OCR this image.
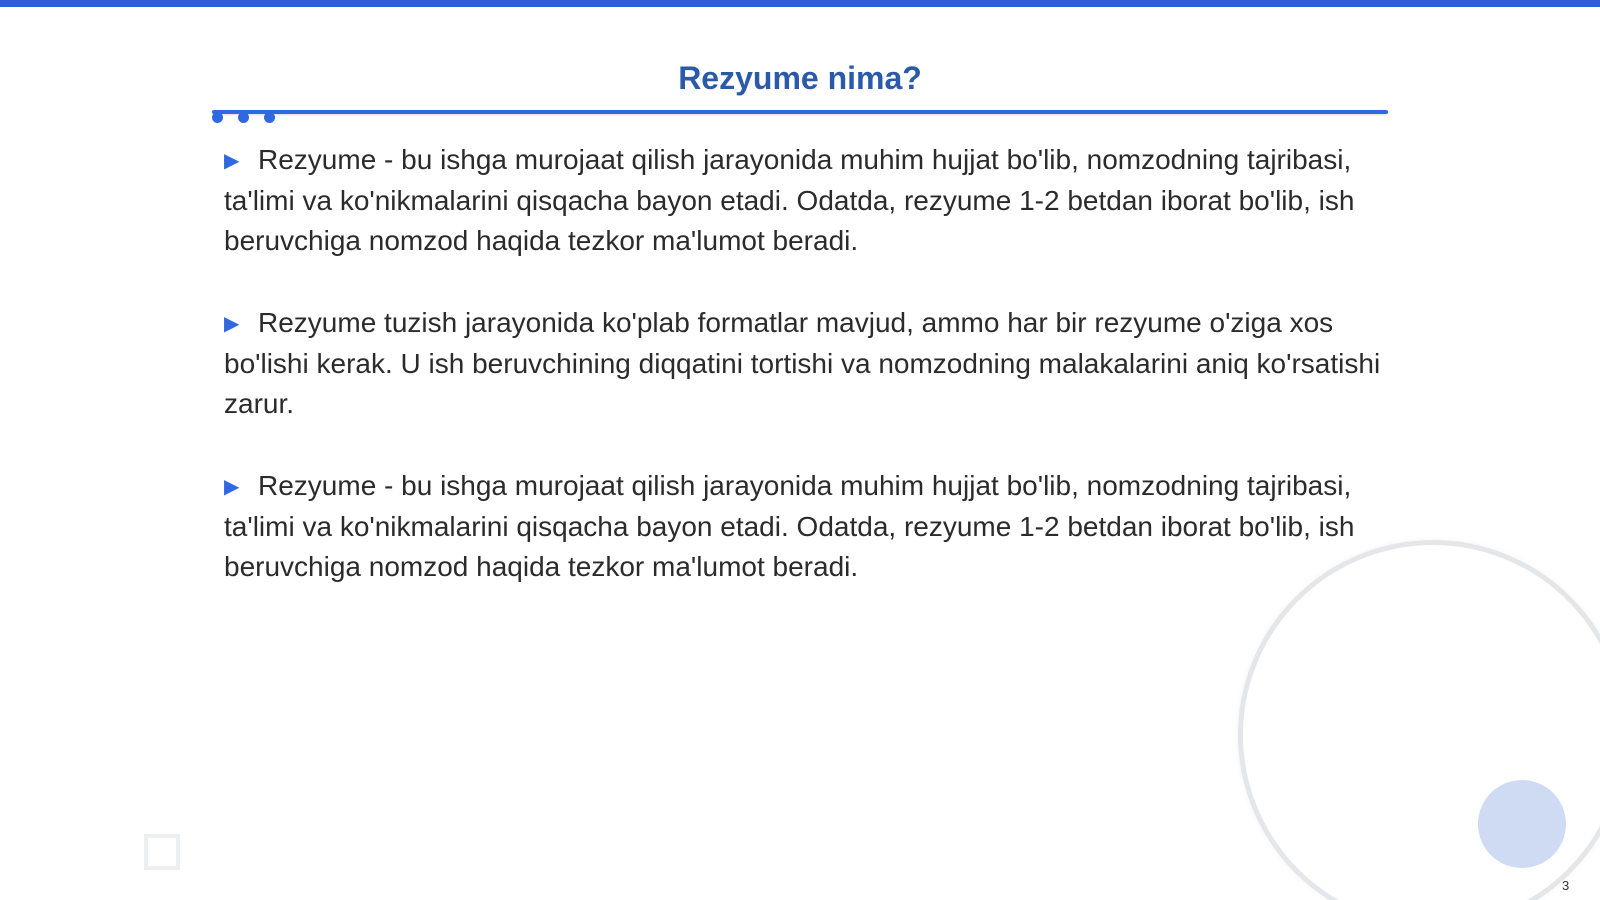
Rezyume nima?

▶ Rezyume - bu ishga murojaat qilish jarayonida muhim hujjat bo'lib, nomzodning tajribasi, ta'limi va ko'nikmalarini qisqacha bayon etadi. Odatda, rezyume 1-2 betdan iborat bo'lib, ish beruvchiga nomzod haqida tezkor ma'lumot beradi.

▶ Rezyume tuzish jarayonida ko'plab formatlar mavjud, ammo har bir rezyume o'ziga xos bo'lishi kerak. U ish beruvchining diqqatini tortishi va nomzodning malakalarini aniq ko'rsatishi zarur.

▶ Rezyume - bu ishga murojaat qilish jarayonida muhim hujjat bo'lib, nomzodning tajribasi, ta'limi va ko'nikmalarini qisqacha bayon etadi. Odatda, rezyume 1-2 betdan iborat bo'lib, ish beruvchiga nomzod haqida tezkor ma'lumot beradi.

3
